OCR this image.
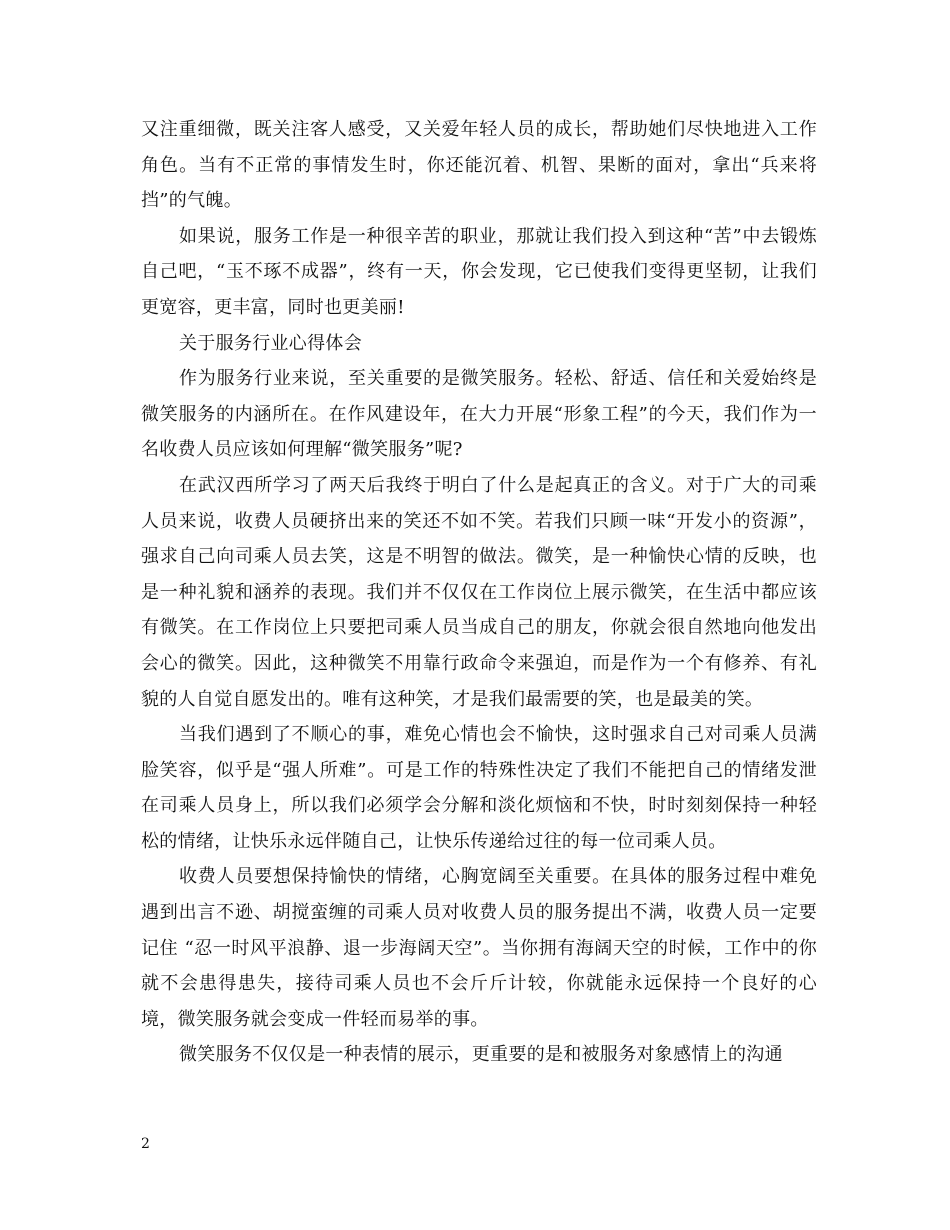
又注重细微，既关注客人感受，又关爱年轻人员的成长，帮助她们尽快地进入工作角色。当有不正常的事情发生时，你还能沉着、机智、果断的面对，拿出“兵来将挡”的气魄。

如果说，服务工作是一种很辛苦的职业，那就让我们投入到这种“苦”中去锻炼自己吧，“玉不琢不成器”，终有一天，你会发现，它已使我们变得更坚韧，让我们更宽容，更丰富，同时也更美丽!

关于服务行业心得体会

作为服务行业来说，至关重要的是微笑服务。轻松、舒适、信任和关爱始终是微笑服务的内涵所在。在作风建设年，在大力开展“形象工程”的今天，我们作为一名收费人员应该如何理解“微笑服务”呢?

在武汉西所学习了两天后我终于明白了什么是起真正的含义。对于广大的司乘人员来说，收费人员硬挤出来的笑还不如不笑。若我们只顾一味“开发小的资源”，强求自己向司乘人员去笑，这是不明智的做法。微笑，是一种愉快心情的反映，也是一种礼貌和涵养的表现。我们并不仅仅在工作岗位上展示微笑，在生活中都应该有微笑。在工作岗位上只要把司乘人员当成自己的朋友，你就会很自然地向他发出会心的微笑。因此，这种微笑不用靠行政命令来强迫，而是作为一个有修养、有礼貌的人自觉自愿发出的。唯有这种笑，才是我们最需要的笑，也是最美的笑。

当我们遇到了不顺心的事，难免心情也会不愉快，这时强求自己对司乘人员满脸笑容，似乎是“强人所难”。可是工作的特殊性决定了我们不能把自己的情绪发泄在司乘人员身上，所以我们必须学会分解和淡化烦恼和不快，时时刻刻保持一种轻松的情绪，让快乐永远伴随自己，让快乐传递给过往的每一位司乘人员。

收费人员要想保持愉快的情绪，心胸宽阔至关重要。在具体的服务过程中难免遇到出言不逊、胡搅蛮缠的司乘人员对收费人员的服务提出不满，收费人员一定要记住 “忍一时风平浪静、退一步海阔天空”。当你拥有海阔天空的时候，工作中的你就不会患得患失，接待司乘人员也不会斤斤计较，你就能永远保持一个良好的心境，微笑服务就会变成一件轻而易举的事。

微笑服务不仅仅是一种表情的展示，更重要的是和被服务对象感情上的沟通

2
